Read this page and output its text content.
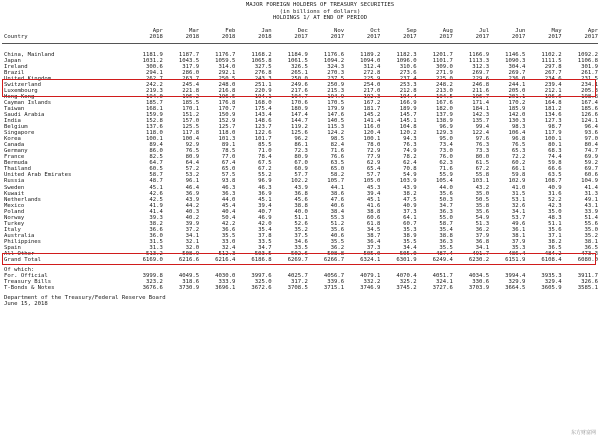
MAJOR FOREIGN HOLDERS OF TREASURY SECURITIES
(in billions of dollars)
HOLDINGS 1/ AT END OF PERIOD
	Apr	Mar	Feb	Jan	Dec	Nov	Oct	Sep	Aug	Jul	Jun	May	Apr
Country	2018	2018	2018	2018	2017	2017	2017	2017	2017	2017	2017	2017	2017
China, Mainland	1181.9	1187.7	1176.7	1168.2	1184.9	1176.6	1189.2	1182.3	1201.7	1166.9	1146.5	1102.2	1092.2
Japan	1031.2	1043.5	1059.5	1065.8	1061.5	1094.2	1094.0	1096.0	1101.7	1113.3	1090.3	1111.5	1106.8
Ireland	300.6	317.9	314.0	327.5	326.5	324.3	312.4	310.6	309.0	312.3	304.4	297.8	301.9
Brazil	294.1	286.0	292.1	276.8	265.1	270.3	272.8	273.6	271.9	269.7	269.7	267.7	261.7
United Kingdom	262.7	263.7	250.5	243.3	250.0	237.5	225.9	237.4	225.0	229.6	236.0	234.6	231.5
Switzerland	242.2	245.4	248.0	251.1	249.6	250.9	254.0	253.3	248.2	246.8	244.1	239.4	234.1
Luxembourg	219.3	221.8	216.8	220.9	217.6	215.3	217.0	212.8	213.0	211.6	205.0	212.1	205.3
Hong Kong	194.0	196.2	196.5	194.1	194.7	194.9	192.3	194.4	194.5	196.7	201.1	196.6	198.8
Cayman Islands	185.7	185.5	176.8	168.0	170.6	170.5	167.2	166.9	167.6	171.4	170.2	164.8	167.4
Taiwan	168.1	170.1	170.7	175.4	180.9	179.9	181.7	189.9	182.0	184.1	185.9	181.2	185.6
Saudi Arabia	159.9	151.2	150.9	143.4	147.4	147.6	145.2	145.7	137.9	142.3	142.0	134.6	126.6
India	152.8	157.0	152.9	148.6	144.7	140.5	141.4	145.1	138.9	135.7	130.3	127.3	124.1
Belgium	137.6	125.5	125.7	123.7	119.2	115.3	116.0	104.8	96.9	99.4	98.3	98.7	96.4
Singapore	118.0	117.8	118.0	122.6	125.6	124.2	120.4	120.2	129.3	122.4	106.4	117.9	93.6
Korea	100.1	100.4	101.3	101.7	96.2	98.5	100.1	94.3	95.0	97.6	96.8	100.1	97.0
Canada	89.4	92.9	89.1	85.5	86.1	82.4	78.0	76.3	73.4	76.3	76.5	80.1	80.4
Germany	86.0	76.5	78.5	71.0	72.3	71.6	72.9	74.9	73.0	73.3	65.3	68.3	74.7
France	82.5	80.9	77.0	78.4	80.9	76.6	77.9	78.2	76.0	80.0	72.2	74.4	69.9
Bermuda	64.7	64.4	67.4	67.5	67.0	63.5	62.9	62.4	62.3	61.5	60.2	59.8	59.2
Thailand	60.5	57.2	65.0	67.2	60.9	65.0	65.4	70.8	71.6	67.2	66.1	66.6	69.7
United Arab Emirates	58.7	53.2	57.5	55.2	57.7	58.2	57.7	54.9	55.9	55.8	59.8	63.5	60.6
Russia	48.7	96.1	93.8	96.9	102.2	105.7	105.0	103.9	105.4	103.1	102.9	108.7	104.9
Sweden	45.1	46.4	46.3	46.3	43.9	44.1	45.3	43.9	44.0	43.2	41.0	40.9	41.4
Kuwait	42.6	36.9	36.3	36.9	36.8	38.6	39.4	38.2	35.6	35.0	31.5	31.6	31.3
Netherlands	42.5	43.9	44.0	45.1	45.6	47.6	45.1	47.5	50.3	50.5	53.1	52.2	49.1
Mexico	41.9	44.2	45.4	39.4	38.8	40.6	41.6	40.9	34.7	35.8	32.6	42.3	43.1
Poland	41.4	40.3	40.4	40.7	40.0	38.4	38.8	37.3	36.3	35.6	34.1	35.0	33.9
Norway	39.3	40.2	50.4	46.9	51.1	55.3	60.6	64.1	55.0	54.9	53.7	48.3	51.4
Turkey	38.2	39.9	42.2	42.0	52.6	51.2	61.8	60.7	58.7	51.3	49.6	51.1	55.6
Italy	36.6	37.2	36.6	35.4	35.2	35.6	34.5	35.3	35.4	36.2	36.1	35.6	35.0
Australia	36.0	34.1	35.5	37.8	37.5	40.6	38.7	38.9	38.8	37.9	38.1	37.1	35.2
Philippines	31.5	32.1	33.0	33.5	34.6	35.5	36.4	35.5	36.3	36.8	37.9	38.2	38.1
Spain	31.3	32.0	32.4	34.7	33.5	36.2	37.3	34.4	35.5	34.1	35.3	36.5	36.5
All Other	513.2	508.9	512.3	503.5	502.6	508.8	505.0	505.0	487.4	491.7	486.4	484.2	473.3
Grand Total	6169.0	6216.6	6216.4	6186.8	6269.7	6266.7	6324.1	6301.9	6249.4	6230.2	6151.9	6108.4	6080.0
Of which:
For. Official	3999.8	4049.5	4030.0	3997.6	4025.7	4056.7	4079.1	4070.4	4051.7	4034.5	3994.4	3935.3	3911.7
Treasury Bills	323.2	318.6	333.9	325.0	317.2	339.6	332.2	325.2	324.1	330.6	329.9	329.4	326.6
T-Bonds & Notes	3676.6	3730.9	3696.1	3672.6	3708.5	3715.1	3746.9	3745.2	3727.6	3703.9	3664.5	3605.9	3585.1
Department of the Treasury/Federal Reserve Board
June 15, 2018
东方财富网
